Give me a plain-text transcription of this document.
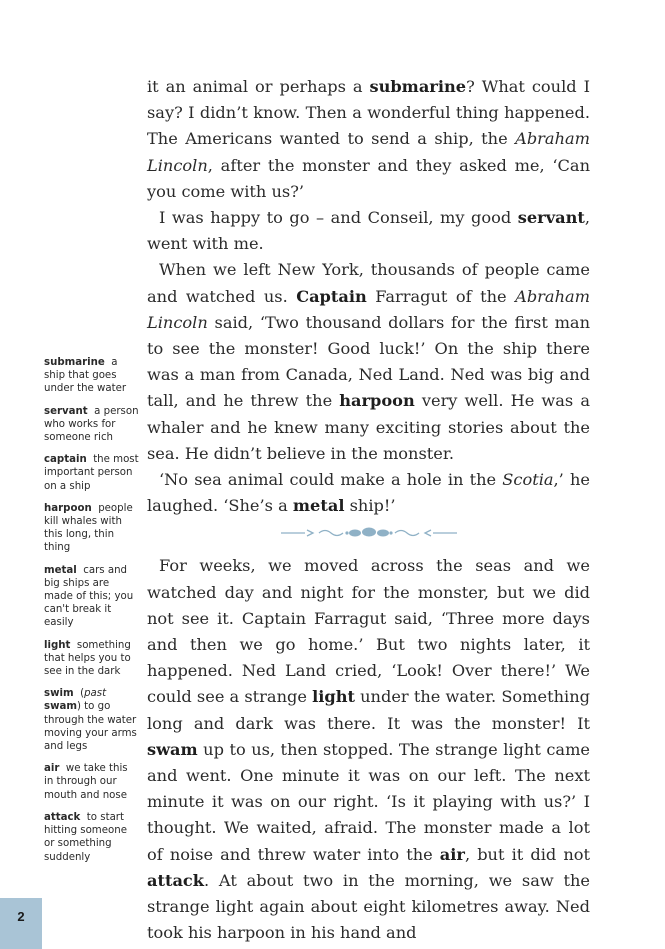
submarine a ship that goes under the water
servant a person who works for someone rich
captain the most important person on a ship
harpoon people kill whales with this long, thin thing
metal cars and big ships are made of this; you can't break it easily
light something that helps you to see in the dark
swim (past swam) to go through the water moving your arms and legs
air we take this in through our mouth and nose
attack to start hitting someone or something suddenly

it an animal or perhaps a submarine? What could I say? I didn’t know. Then a wonderful thing happened. The Americans wanted to send a ship, the Abraham Lincoln, after the monster and they asked me, ‘Can you come with us?’

I was happy to go – and Conseil, my good servant, went with me.

When we left New York, thousands of people came and watched us. Captain Farragut of the Abraham Lincoln said, ‘Two thousand dollars for the first man to see the monster! Good luck!’ On the ship there was a man from Canada, Ned Land. Ned was big and tall, and he threw the harpoon very well. He was a whaler and he knew many exciting stories about the sea. He didn’t believe in the monster.

‘No sea animal could make a hole in the Scotia,’ he laughed. ‘She’s a metal ship!’

For weeks, we moved across the seas and we watched day and night for the monster, but we did not see it. Captain Farragut said, ‘Three more days and then we go home.’ But two nights later, it happened. Ned Land cried, ‘Look! Over there!’ We could see a strange light under the water. Something long and dark was there. It was the monster! It swam up to us, then stopped. The strange light came and went. One minute it was on our left. The next minute it was on our right. ‘Is it playing with us?’ I thought. We waited, afraid. The monster made a lot of noise and threw water into the air, but it did not attack. At about two in the morning, we saw the strange light again about eight kilometres away. Ned took his harpoon in his hand and

2
